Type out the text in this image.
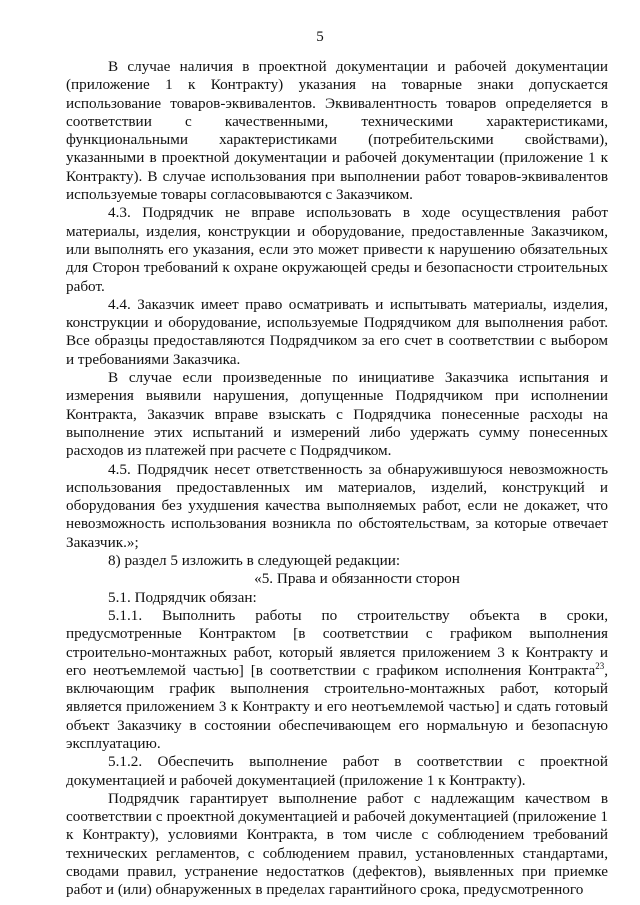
5

В случае наличия в проектной документации и рабочей документации (приложение 1 к Контракту) указания на товарные знаки допускается использование товаров-эквивалентов. Эквивалентность товаров определяется в соответствии с качественными, техническими характеристиками, функциональными характеристиками (потребительскими свойствами), указанными в проектной документации и рабочей документации (приложение 1 к Контракту). В случае использования при выполнении работ товаров-эквивалентов используемые товары согласовываются с Заказчиком.

4.3. Подрядчик не вправе использовать в ходе осуществления работ материалы, изделия, конструкции и оборудование, предоставленные Заказчиком, или выполнять его указания, если это может привести к нарушению обязательных для Сторон требований к охране окружающей среды и безопасности строительных работ.

4.4. Заказчик имеет право осматривать и испытывать материалы, изделия, конструкции и оборудование, используемые Подрядчиком для выполнения работ. Все образцы предоставляются Подрядчиком за его счет в соответствии с выбором и требованиями Заказчика.

В случае если произведенные по инициативе Заказчика испытания и измерения выявили нарушения, допущенные Подрядчиком при исполнении Контракта, Заказчик вправе взыскать с Подрядчика понесенные расходы на выполнение этих испытаний и измерений либо удержать сумму понесенных расходов из платежей при расчете с Подрядчиком.

4.5. Подрядчик несет ответственность за обнаружившуюся невозможность использования предоставленных им материалов, изделий, конструкций и оборудования без ухудшения качества выполняемых работ, если не докажет, что невозможность использования возникла по обстоятельствам, за которые отвечает Заказчик.»;

8) раздел 5 изложить в следующей редакции:

«5. Права и обязанности сторон

5.1. Подрядчик обязан:

5.1.1. Выполнить работы по строительству объекта в сроки, предусмотренные Контрактом [в соответствии с графиком выполнения строительно-монтажных работ, который является приложением 3 к Контракту и его неотъемлемой частью] [в соответствии с графиком исполнения Контракта$^{23}$, включающим график выполнения строительно-монтажных работ, который является приложением 3 к Контракту и его неотъемлемой частью] и сдать готовый объект Заказчику в состоянии обеспечивающем его нормальную и безопасную эксплуатацию.

5.1.2. Обеспечить выполнение работ в соответствии с проектной документацией и рабочей документацией (приложение 1 к Контракту).

Подрядчик гарантирует выполнение работ с надлежащим качеством в соответствии с проектной документацией и рабочей документацией (приложение 1 к Контракту), условиями Контракта, в том числе с соблюдением требований технических регламентов, с соблюдением правил, установленных стандартами, сводами правил, устранение недостатков (дефектов), выявленных при приемке работ и (или) обнаруженных в пределах гарантийного срока, предусмотренного
